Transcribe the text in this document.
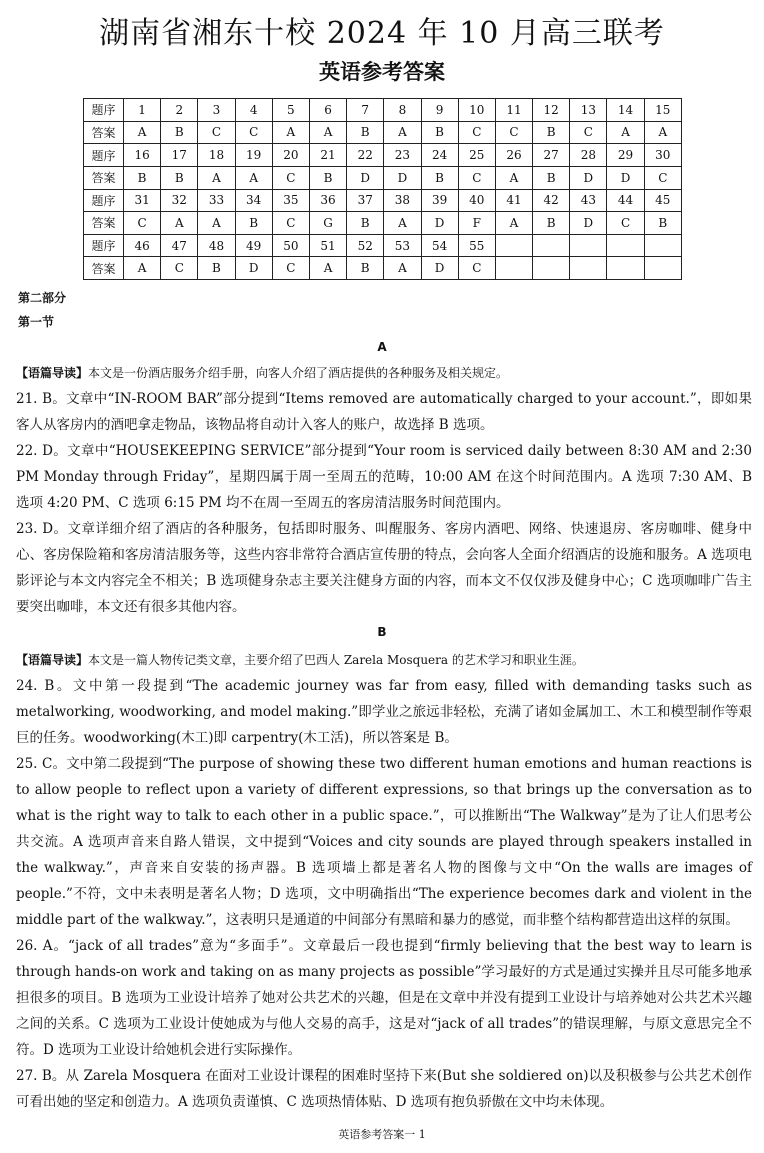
湖南省湘东十校 2024 年 10 月高三联考
英语参考答案
题序	1	2	3	4	5	6	7	8	9	10	11	12	13	14	15
答案	A	B	C	C	A	A	B	A	B	C	C	B	C	A	A
题序	16	17	18	19	20	21	22	23	24	25	26	27	28	29	30
答案	B	B	A	A	C	B	D	D	B	C	A	B	D	D	C
题序	31	32	33	34	35	36	37	38	39	40	41	42	43	44	45
答案	C	A	A	B	C	G	B	A	D	F	A	B	D	C	B
题序	46	47	48	49	50	51	52	53	54	55					
答案	A	C	B	D	C	A	B	A	D	C					
第二部分
第一节
A
【语篇导读】本文是一份酒店服务介绍手册，向客人介绍了酒店提供的各种服务及相关规定。
21. B。文章中“IN-ROOM BAR”部分提到“Items removed are automatically charged to your account.”，即如果客人从客房内的酒吧拿走物品，该物品将自动计入客人的账户，故选择 B 选项。
22. D。文章中“HOUSEKEEPING SERVICE”部分提到“Your room is serviced daily between 8:30 AM and 2:30 PM Monday through Friday”，星期四属于周一至周五的范畴，10:00 AM 在这个时间范围内。A 选项 7:30 AM、B 选项 4:20 PM、C 选项 6:15 PM 均不在周一至周五的客房清洁服务时间范围内。
23. D。文章详细介绍了酒店的各种服务，包括即时服务、叫醒服务、客房内酒吧、网络、快速退房、客房咖啡、健身中心、客房保险箱和客房清洁服务等，这些内容非常符合酒店宣传册的特点，会向客人全面介绍酒店的设施和服务。A 选项电影评论与本文内容完全不相关；B 选项健身杂志主要关注健身方面的内容，而本文不仅仅涉及健身中心；C 选项咖啡广告主要突出咖啡，本文还有很多其他内容。
B
【语篇导读】本文是一篇人物传记类文章，主要介绍了巴西人 Zarela Mosquera 的艺术学习和职业生涯。
24. B。文中第一段提到“The academic journey was far from easy, filled with demanding tasks such as metalworking, woodworking, and model making.”即学业之旅远非轻松，充满了诸如金属加工、木工和模型制作等艰巨的任务。woodworking(木工)即 carpentry(木工活)，所以答案是 B。
25. C。文中第二段提到“The purpose of showing these two different human emotions and human reactions is to allow people to reflect upon a variety of different expressions, so that brings up the conversation as to what is the right way to talk to each other in a public space.”，可以推断出“The Walkway”是为了让人们思考公共交流。A 选项声音来自路人错误，文中提到“Voices and city sounds are played through speakers installed in the walkway.”，声音来自安装的扬声器。B 选项墙上都是著名人物的图像与文中“On the walls are images of people.”不符，文中未表明是著名人物；D 选项，文中明确指出“The experience becomes dark and violent in the middle part of the walkway.”，这表明只是通道的中间部分有黑暗和暴力的感觉，而非整个结构都营造出这样的氛围。
26. A。“jack of all trades”意为“多面手”。文章最后一段也提到“firmly believing that the best way to learn is through hands-on work and taking on as many projects as possible”学习最好的方式是通过实操并且尽可能多地承担很多的项目。B 选项为工业设计培养了她对公共艺术的兴趣，但是在文章中并没有提到工业设计与培养她对公共艺术兴趣之间的关系。C 选项为工业设计使她成为与他人交易的高手，这是对“jack of all trades”的错误理解，与原文意思完全不符。D 选项为工业设计给她机会进行实际操作。
27. B。从 Zarela Mosquera 在面对工业设计课程的困难时坚持下来(But she soldiered on)以及积极参与公共艺术创作可看出她的坚定和创造力。A 选项负责谨慎、C 选项热情体贴、D 选项有抱负骄傲在文中均未体现。
英语参考答案一 1
